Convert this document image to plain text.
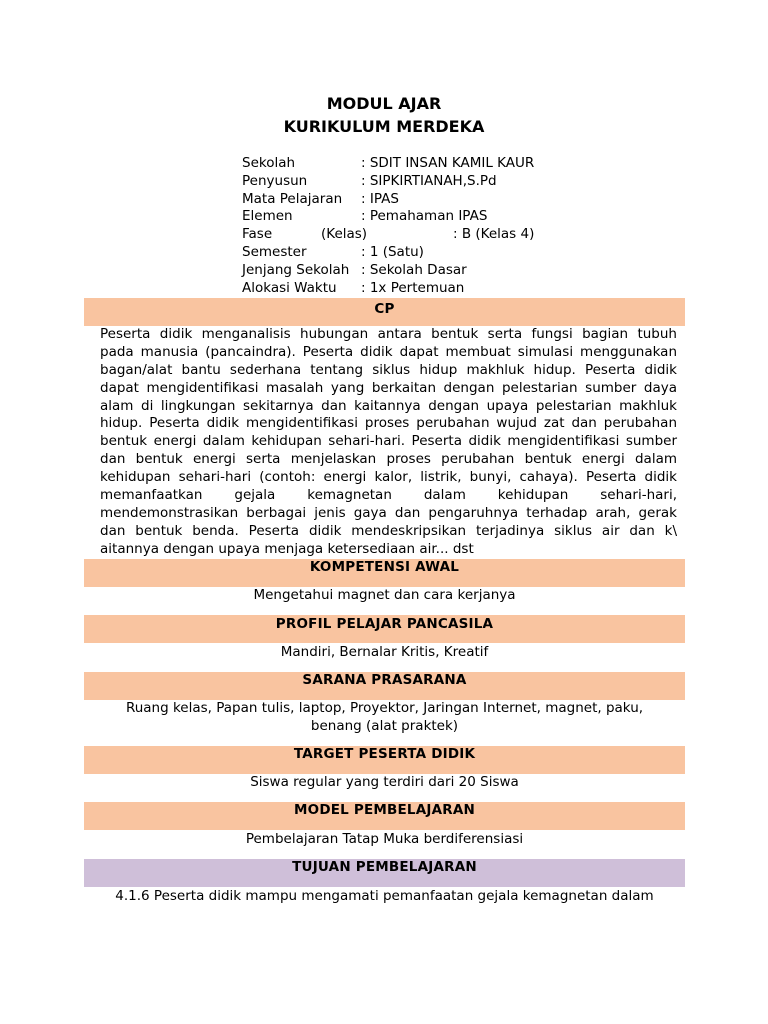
MODUL AJAR
KURIKULUM MERDEKA
Sekolah	: SDIT INSAN KAMIL KAUR
Penyusun	: SIPKIRTIANAH,S.Pd
Mata Pelajaran : IPAS
Elemen	: Pemahaman IPAS
Fase	(Kelas)	: B (Kelas 4)
Semester	: 1 (Satu)
Jenjang Sekolah : Sekolah Dasar
Alokasi Waktu : 1x Pertemuan
CP
Peserta didik menganalisis hubungan antara bentuk serta fungsi bagian tubuh
pada manusia (pancaindra). Peserta didik dapat membuat simulasi menggunakan
bagan/alat bantu sederhana tentang siklus hidup makhluk hidup. Peserta didik
dapat mengidentifikasi masalah yang berkaitan dengan pelestarian sumber daya
alam di lingkungan sekitarnya dan kaitannya dengan upaya pelestarian makhluk
hidup. Peserta didik mengidentifikasi proses perubahan wujud zat dan perubahan
bentuk energi dalam kehidupan sehari-hari. Peserta didik mengidentifikasi sumber
dan bentuk energi serta menjelaskan proses perubahan bentuk energi dalam
kehidupan sehari-hari (contoh: energi kalor, listrik, bunyi, cahaya). Peserta didik
memanfaatkan gejala kemagnetan dalam kehidupan sehari-hari,
mendemonstrasikan berbagai jenis gaya dan pengaruhnya terhadap arah, gerak
dan bentuk benda. Peserta didik mendeskripsikan terjadinya siklus air dan k\
aitannya dengan upaya menjaga ketersediaan air... dst
KOMPETENSI AWAL
Mengetahui magnet dan cara kerjanya
PROFIL PELAJAR PANCASILA
Mandiri, Bernalar Kritis, Kreatif
SARANA PRASARANA
Ruang kelas, Papan tulis, laptop, Proyektor, Jaringan Internet, magnet, paku,
benang (alat praktek)
TARGET PESERTA DIDIK
Siswa regular yang terdiri dari 20 Siswa
MODEL PEMBELAJARAN
Pembelajaran Tatap Muka berdiferensiasi
TUJUAN PEMBELAJARAN
4.1.6 Peserta didik mampu mengamati pemanfaatan gejala kemagnetan dalam
